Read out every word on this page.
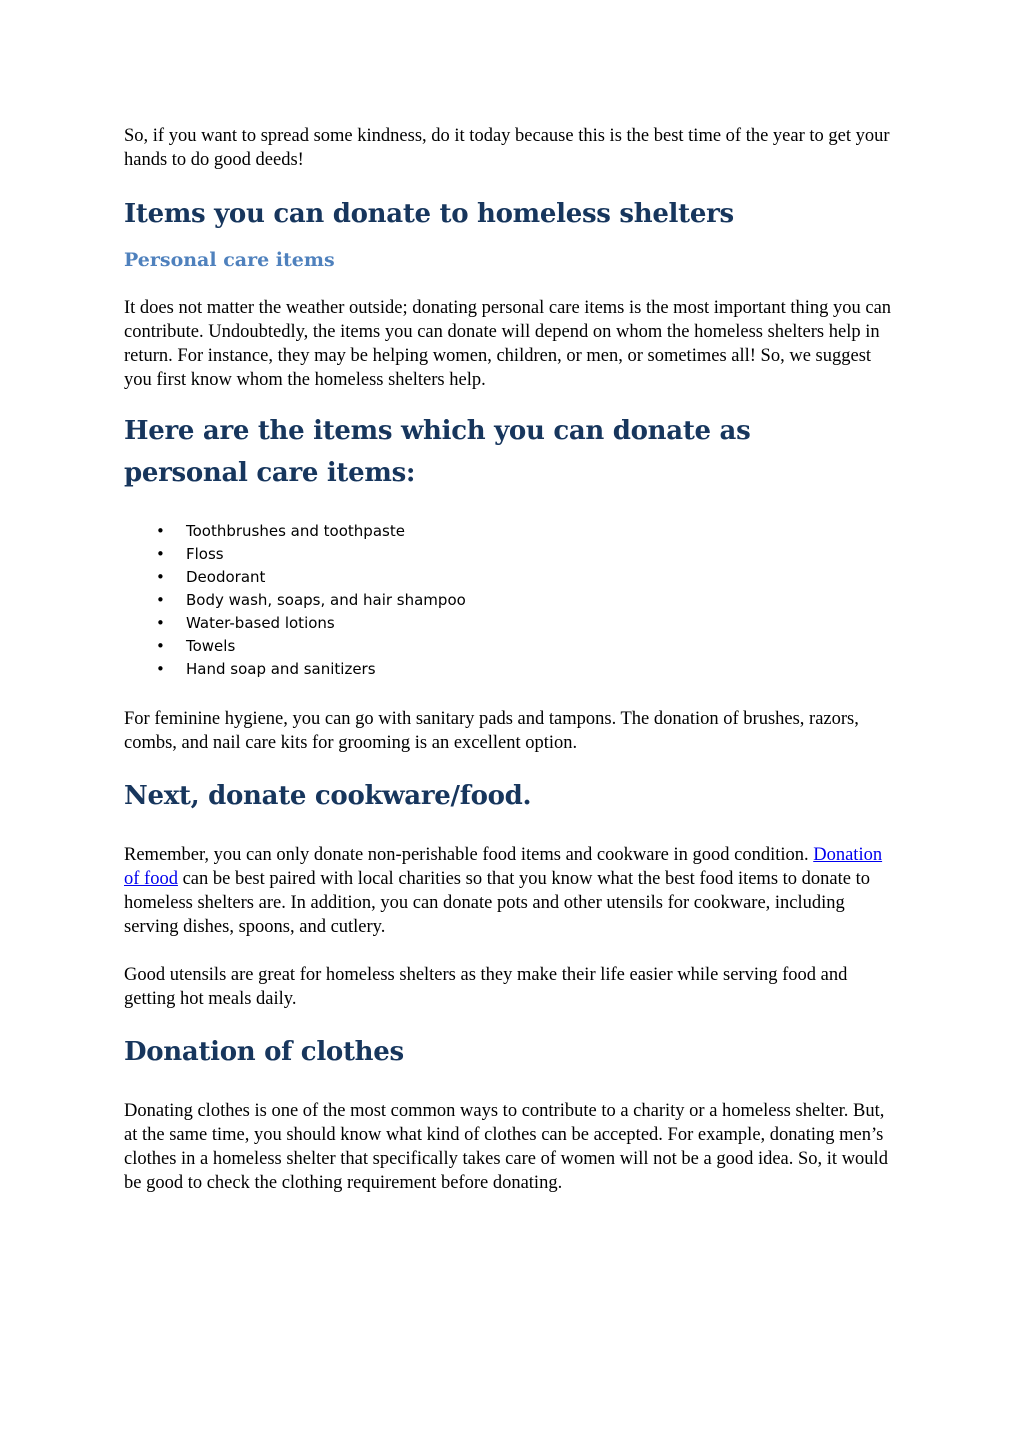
So, if you want to spread some kindness, do it today because this is the best time of the year to get your hands to do good deeds!

Items you can donate to homeless shelters
Personal care items

It does not matter the weather outside; donating personal care items is the most important thing you can contribute. Undoubtedly, the items you can donate will depend on whom the homeless shelters help in return. For instance, they may be helping women, children, or men, or sometimes all! So, we suggest you first know whom the homeless shelters help.

Here are the items which you can donate as personal care items:
• Toothbrushes and toothpaste
• Floss
• Deodorant
• Body wash, soaps, and hair shampoo
• Water-based lotions
• Towels
• Hand soap and sanitizers

For feminine hygiene, you can go with sanitary pads and tampons. The donation of brushes, razors, combs, and nail care kits for grooming is an excellent option.

Next, donate cookware/food.

Remember, you can only donate non-perishable food items and cookware in good condition. Donation of food can be best paired with local charities so that you know what the best food items to donate to homeless shelters are. In addition, you can donate pots and other utensils for cookware, including serving dishes, spoons, and cutlery.

Good utensils are great for homeless shelters as they make their life easier while serving food and getting hot meals daily.

Donation of clothes

Donating clothes is one of the most common ways to contribute to a charity or a homeless shelter. But, at the same time, you should know what kind of clothes can be accepted. For example, donating men’s clothes in a homeless shelter that specifically takes care of women will not be a good idea. So, it would be good to check the clothing requirement before donating.
